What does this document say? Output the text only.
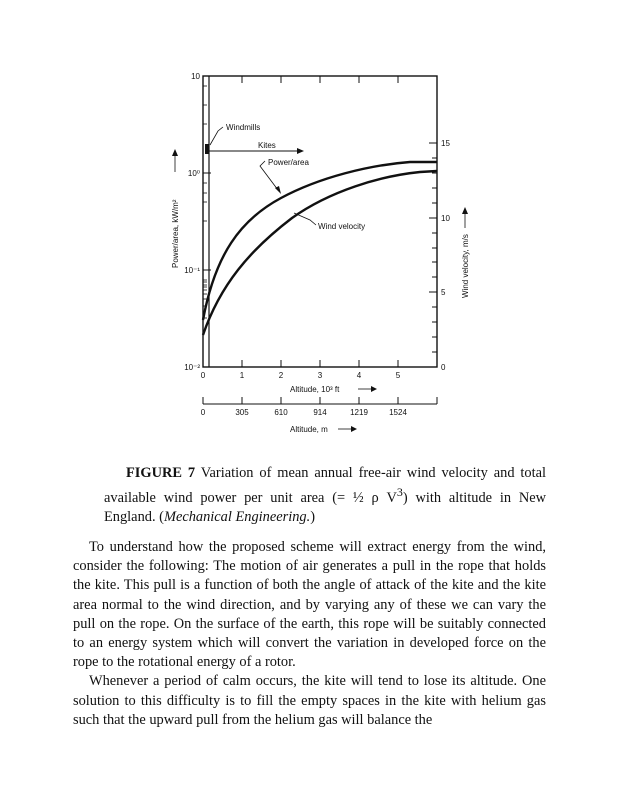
Windmills
Kites
Power/area
Wind velocity
10
10⁰
10⁻¹
10⁻²
15
10
5
0
Power/area, kW/m²	Wind velocity, m/s
0	1	2	3	4	5
Altitude, 10³ ft
0	305	610	914	1219	1524
Altitude, m
FIGURE 7 Variation of mean annual free-air wind velocity and total available wind power per unit area (= ½ ρ $V^3$) with altitude in New England. (Mechanical Engineering.)

To understand how the proposed scheme will extract energy from the wind, consider the following: The motion of air generates a pull in the rope that holds the kite. This pull is a function of both the angle of attack of the kite and the kite area normal to the wind direction, and by varying any of these we can vary the pull on the rope. On the surface of the earth, this rope will be suitably connected to an energy system which will convert the variation in developed force on the rope to the rotational energy of a rotor.

Whenever a period of calm occurs, the kite will tend to lose its altitude. One solution to this difficulty is to fill the empty spaces in the kite with helium gas such that the upward pull from the helium gas will balance the
